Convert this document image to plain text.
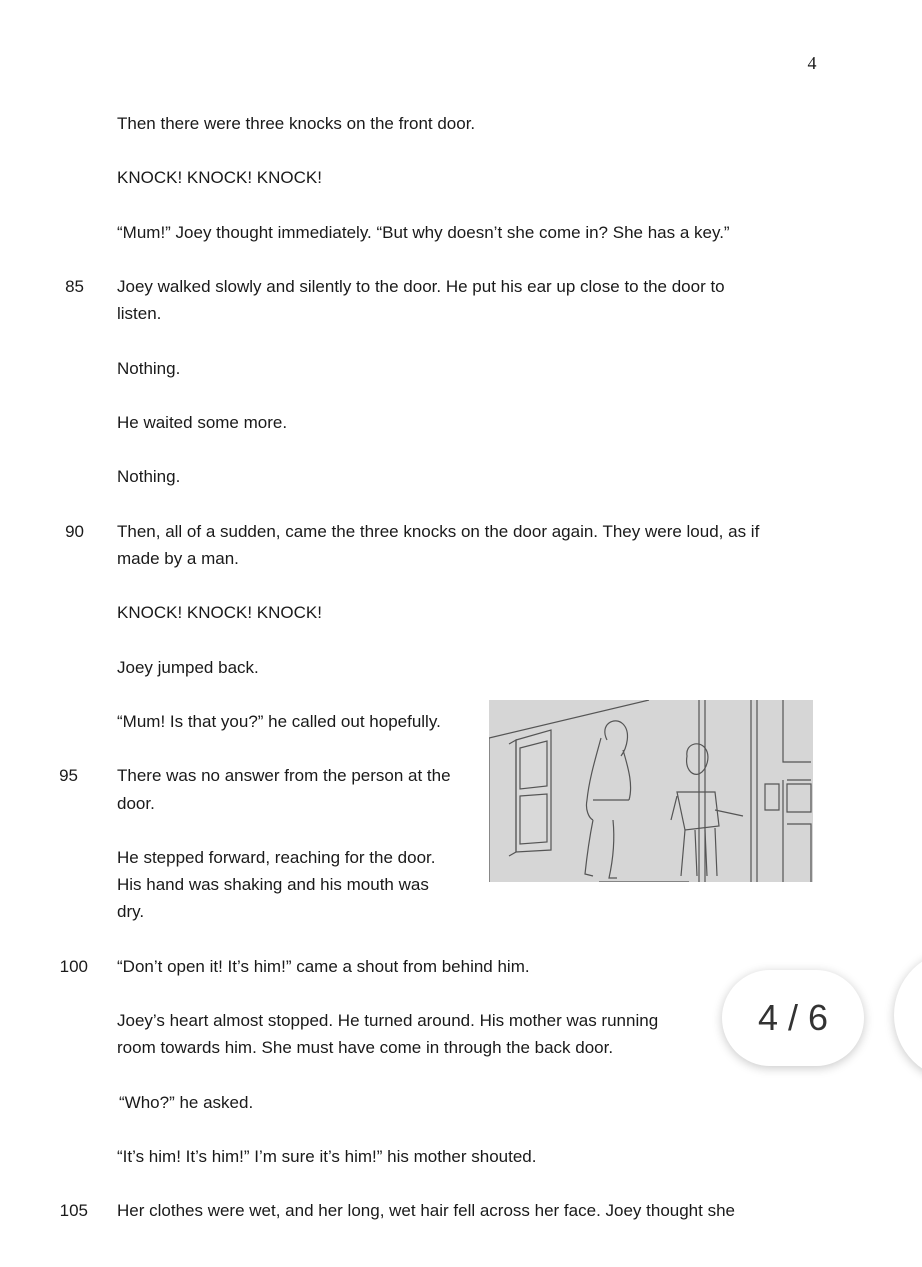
4
Then there were three knocks on the front door.
KNOCK! KNOCK! KNOCK!
“Mum!” Joey thought immediately. “But why doesn’t she come in? She has a key.”
85 Joey walked slowly and silently to the door. He put his ear up close to the door to
listen.
Nothing.
He waited some more.
Nothing.
90 Then, all of a sudden, came the three knocks on the door again. They were loud, as if
made by a man.
KNOCK! KNOCK! KNOCK!
Joey jumped back.
“Mum! Is that you?” he called out hopefully.
95 There was no answer from the person at the
door.
He stepped forward, reaching for the door.
His hand was shaking and his mouth was
dry.
100 “Don’t open it! It’s him!” came a shout from behind him.
Joey’s heart almost stopped. He turned around. His mother was running
room towards him. She must have come in through the back door.
“Who?” he asked.
“It’s him! It’s him!” I’m sure it’s him!” his mother shouted.
105 Her clothes were wet, and her long, wet hair fell across her face. Joey thought she
4 / 6
